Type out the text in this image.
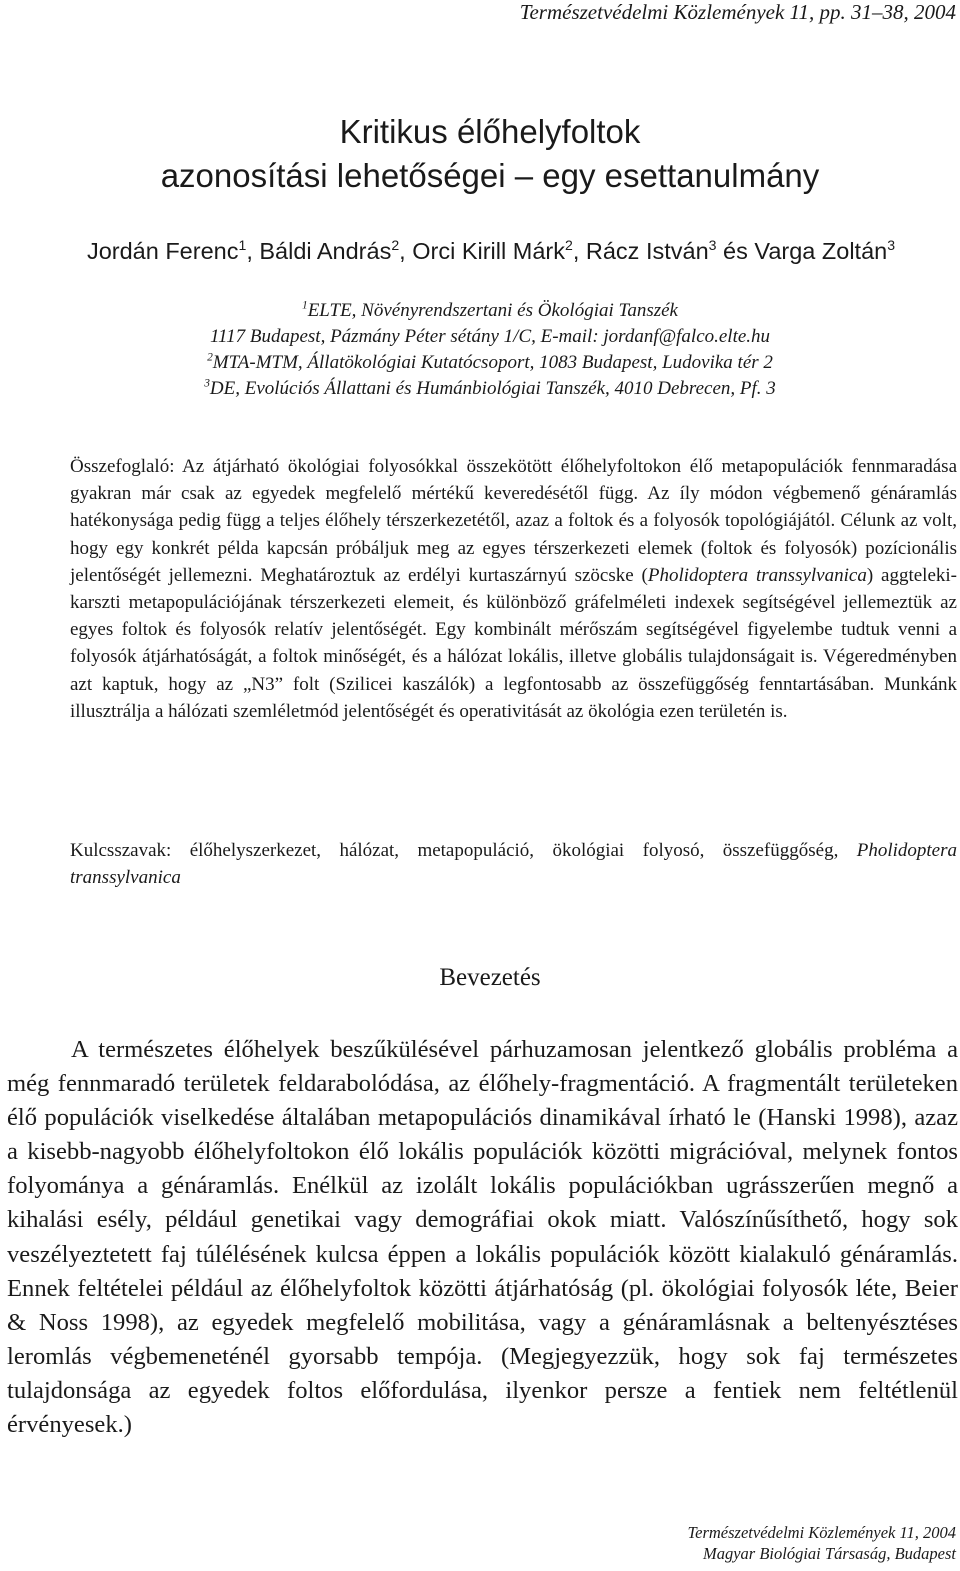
Természetvédelmi Közlemények 11, pp. 31–38, 2004
Kritikus élőhelyfoltok
azonosítási lehetőségei – egy esettanulmány
Jordán Ferenc$^1$, Báldi András$^2$, Orci Kirill Márk$^2$, Rácz István$^3$ és Varga Zoltán$^3$
$^1$ELTE, Növényrendszertani és Ökológiai Tanszék
1117 Budapest, Pázmány Péter sétány 1/C, E-mail: jordanf@falco.elte.hu
$^2$MTA-MTM, Állatökológiai Kutatócsoport, 1083 Budapest, Ludovika tér 2
$^3$DE, Evolúciós Állattani és Humánbiológiai Tanszék, 4010 Debrecen, Pf. 3

Összefoglaló: Az átjárható ökológiai folyosókkal összekötött élőhelyfoltokon élő metapopulációk fennmaradása gyakran már csak az egyedek megfelelő mértékű keveredésétől függ. Az íly módon végbemenő génáramlás hatékonysága pedig függ a teljes élőhely térszerkezetétől, azaz a foltok és a folyosók topológiájától. Célunk az volt, hogy egy konkrét példa kapcsán próbáljuk meg az egyes térszerkezeti elemek (foltok és folyosók) pozícionális jelentőségét jellemezni. Meghatároztuk az erdélyi kurtaszárnyú szöcske (Pholidoptera transsylvanica) aggteleki-karszti metapopulációjának térszerkezeti elemeit, és különböző gráfelméleti indexek segítségével jellemeztük az egyes foltok és folyosók relatív jelentőségét. Egy kombinált mérőszám segítségével figyelembe tudtuk venni a folyosók átjárhatóságát, a foltok minőségét, és a hálózat lokális, illetve globális tulajdonságait is. Végeredményben azt kaptuk, hogy az „N3” folt (Szilicei kaszálók) a legfontosabb az összefüggőség fenntartásában. Munkánk illusztrálja a hálózati szemléletmód jelentőségét és operativitását az ökológia ezen területén is.

Kulcsszavak: élőhelyszerkezet, hálózat, metapopuláció, ökológiai folyosó, összefüggőség, Pholidoptera transsylvanica

Bevezetés

A természetes élőhelyek beszűkülésével párhuzamosan jelentkező globális probléma a még fennmaradó területek feldarabolódása, az élőhely-fragmentáció. A fragmentált területeken élő populációk viselkedése általában metapopulációs dinamikával írható le (Hanski 1998), azaz a kisebb-nagyobb élőhelyfoltokon élő lokális populációk közötti migrációval, melynek fontos folyománya a génáramlás. Enélkül az izolált lokális populációkban ugrásszerűen megnő a kihalási esély, például genetikai vagy demográfiai okok miatt. Valószínűsíthető, hogy sok veszélyeztetett faj túlélésének kulcsa éppen a lokális populációk között kialakuló génáramlás. Ennek feltételei például az élőhelyfoltok közötti átjárhatóság (pl. ökológiai folyosók léte, Beier & Noss 1998), az egyedek megfelelő mobilitása, vagy a génáramlásnak a beltenyésztéses leromlás végbemeneténél gyorsabb tempója. (Megjegyezzük, hogy sok faj természetes tulajdonsága az egyedek foltos előfordulása, ilyenkor persze a fentiek nem feltétlenül érvényesek.)

Természetvédelmi Közlemények 11, 2004
Magyar Biológiai Társaság, Budapest
